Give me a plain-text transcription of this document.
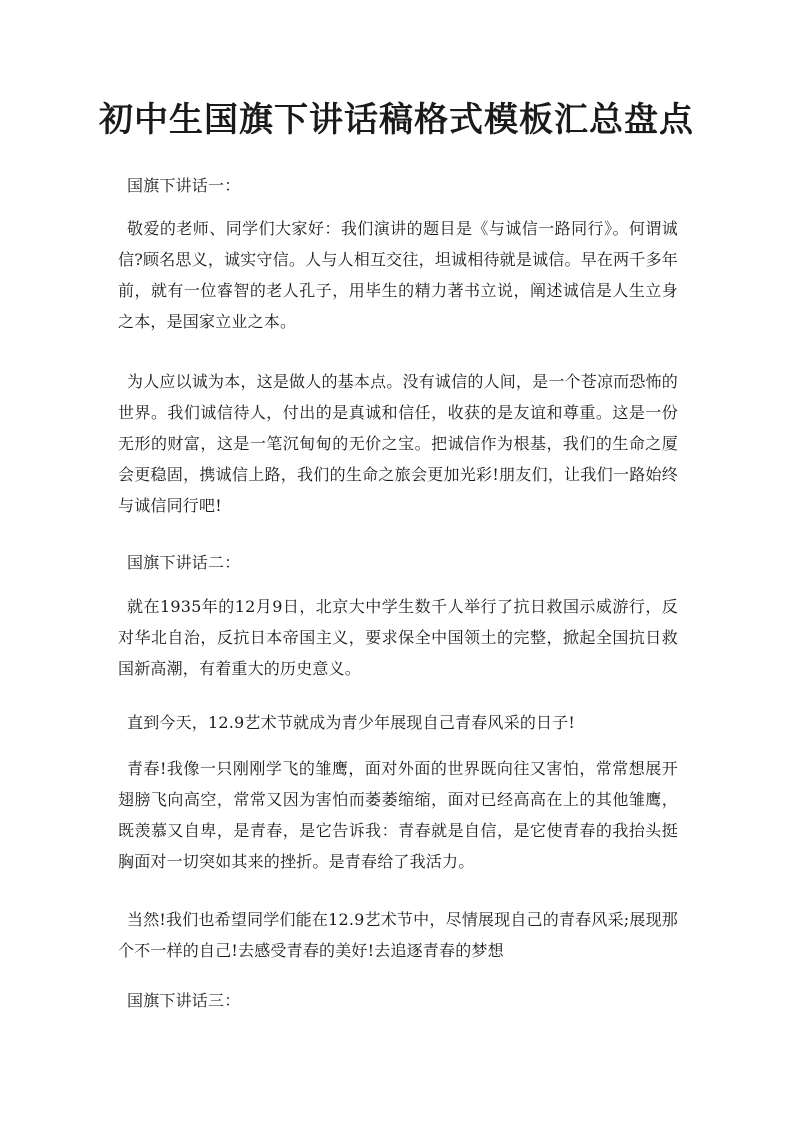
初中生国旗下讲话稿格式模板汇总盘点

国旗下讲话一：

敬爱的老师、同学们大家好：我们演讲的题目是《与诚信一路同行》。何谓诚信?顾名思义，诚实守信。人与人相互交往，坦诚相待就是诚信。早在两千多年前，就有一位睿智的老人孔子，用毕生的精力著书立说，阐述诚信是人生立身之本，是国家立业之本。

为人应以诚为本，这是做人的基本点。没有诚信的人间，是一个苍凉而恐怖的世界。我们诚信待人，付出的是真诚和信任，收获的是友谊和尊重。这是一份无形的财富，这是一笔沉甸甸的无价之宝。把诚信作为根基，我们的生命之厦会更稳固，携诚信上路，我们的生命之旅会更加光彩!朋友们，让我们一路始终与诚信同行吧!

国旗下讲话二：

就在1935年的12月9日，北京大中学生数千人举行了抗日救国示威游行，反对华北自治，反抗日本帝国主义，要求保全中国领土的完整，掀起全国抗日救国新高潮，有着重大的历史意义。

直到今天，12.9艺术节就成为青少年展现自己青春风采的日子!

青春!我像一只刚刚学飞的雏鹰，面对外面的世界既向往又害怕，常常想展开翅膀飞向高空，常常又因为害怕而萎萎缩缩，面对已经高高在上的其他雏鹰，既羡慕又自卑，是青春，是它告诉我：青春就是自信，是它使青春的我抬头挺胸面对一切突如其来的挫折。是青春给了我活力。

当然!我们也希望同学们能在12.9艺术节中，尽情展现自己的青春风采;展现那个不一样的自己!去感受青春的美好!去追逐青春的梦想

国旗下讲话三：
